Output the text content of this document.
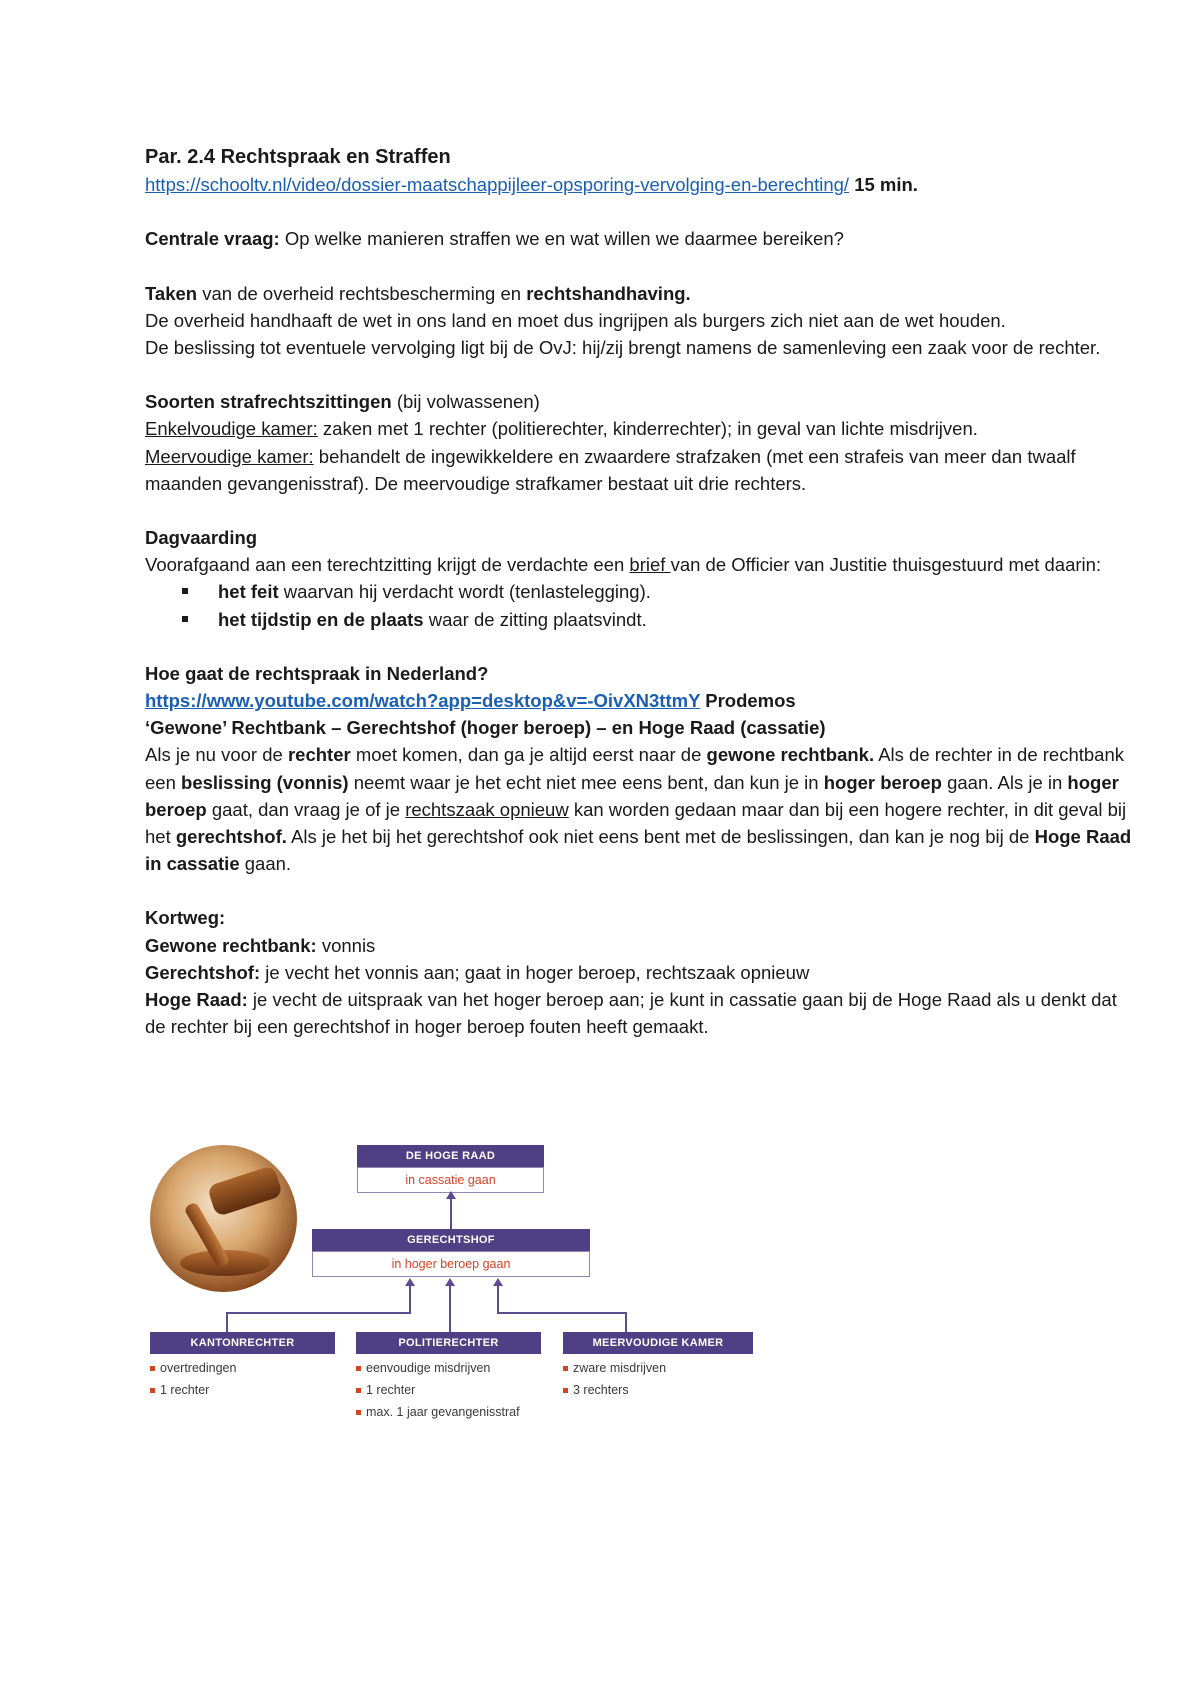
Par. 2.4 Rechtspraak en Straffen

https://schooltv.nl/video/dossier-maatschappijleer-opsporing-vervolging-en-berechting/ 15 min.

Centrale vraag: Op welke manieren straffen we en wat willen we daarmee bereiken?

Taken van de overheid rechtsbescherming en rechtshandhaving.

De overheid handhaaft de wet in ons land en moet dus ingrijpen als burgers zich niet aan de wet houden.

De beslissing tot eventuele vervolging ligt bij de OvJ: hij/zij brengt namens de samenleving een zaak voor de rechter.

Soorten strafrechtszittingen (bij volwassenen)

Enkelvoudige kamer: zaken met 1 rechter (politierechter, kinderrechter); in geval van lichte misdrijven.

Meervoudige kamer: behandelt de ingewikkeldere en zwaardere strafzaken (met een strafeis van meer dan twaalf maanden gevangenisstraf). De meervoudige strafkamer bestaat uit drie rechters.

Dagvaarding

Voorafgaand aan een terechtzitting krijgt de verdachte een brief van de Officier van Justitie thuisgestuurd met daarin:

het feit waarvan hij verdacht wordt (tenlastelegging).
het tijdstip en de plaats waar de zitting plaatsvindt.

Hoe gaat de rechtspraak in Nederland?

https://www.youtube.com/watch?app=desktop&v=-OivXN3ttmY Prodemos

‘Gewone’ Rechtbank – Gerechtshof (hoger beroep) – en Hoge Raad (cassatie)

Als je nu voor de rechter moet komen, dan ga je altijd eerst naar de gewone rechtbank. Als de rechter in de rechtbank een beslissing (vonnis) neemt waar je het echt niet mee eens bent, dan kun je in hoger beroep gaan. Als je in hoger beroep gaat, dan vraag je of je rechtszaak opnieuw kan worden gedaan maar dan bij een hogere rechter, in dit geval bij het gerechtshof. Als je het bij het gerechtshof ook niet eens bent met de beslissingen, dan kan je nog bij de Hoge Raad in cassatie gaan.

Kortweg:

Gewone rechtbank: vonnis

Gerechtshof: je vecht het vonnis aan; gaat in hoger beroep, rechtszaak opnieuw

Hoge Raad: je vecht de uitspraak van het hoger beroep aan; je kunt in cassatie gaan bij de Hoge Raad als u denkt dat de rechter bij een gerechtshof in hoger beroep fouten heeft gemaakt.

DE HOGE RAAD
in cassatie gaan
GERECHTSHOF
in hoger beroep gaan
KANTONRECHTER	POLITIERECHTER	MEERVOUDIGE KAMER
overtredingen
1 rechter
eenvoudige misdrijven
1 rechter
max. 1 jaar gevangenisstraf
zware misdrijven
3 rechters
